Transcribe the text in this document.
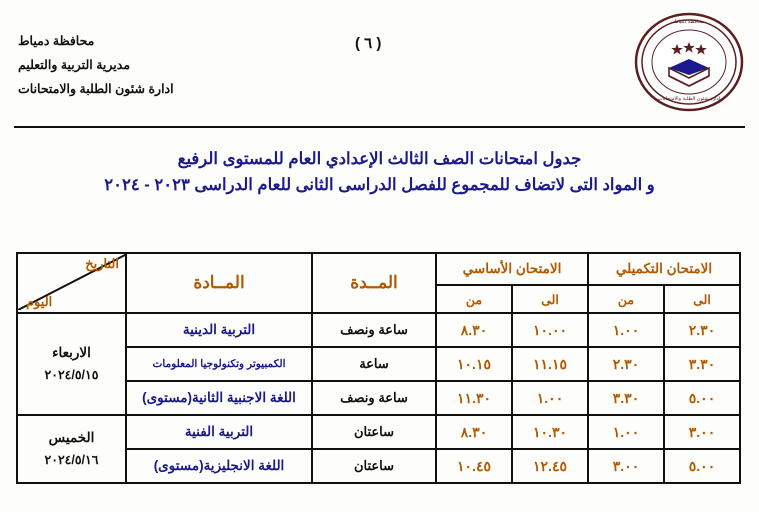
ادارة شئون الطلبة والامتحانات
محافظة دمياط
( ٦ )
محافظة دمياط
مديرية التربية والتعليم
ادارة شئون الطلبة والامتحانات
جدول امتحانات الصف الثالث الإعدادي العام للمستوى الرفيع
و المواد التى لاتضاف للمجموع للفصل الدراسى الثانى للعام الدراسى ٢٠٢٣ - ٢٠٢٤
الامتحان التكميلي		الامتحان الأساسي		المــدة	المــادة	التاريخ
اليوم

الى	من	الى	من			
٢.٣٠	١.٠٠	١٠.٠٠	٨.٣٠	ساعة ونصف	التربية الدينية	الاربعاء
٢٠٢٤/٥/١٥

٣.٣٠	٢.٣٠	١١.١٥	١٠.١٥	ساعة	الكمبيوتر وتكنولوجيا المعلومات	
٥.٠٠	٣.٣٠	١.٠٠	١١.٣٠	ساعة ونصف	اللغة الاجنبية الثانية(مستوى)	
٣.٠٠	١.٠٠	١٠.٣٠	٨.٣٠	ساعتان	التربية الفنية	الخميس
٢٠٢٤/٥/١٦

٥.٠٠	٣.٠٠	١٢.٤٥	١٠.٤٥	ساعتان	اللغة الانجليزية(مستوى)	
